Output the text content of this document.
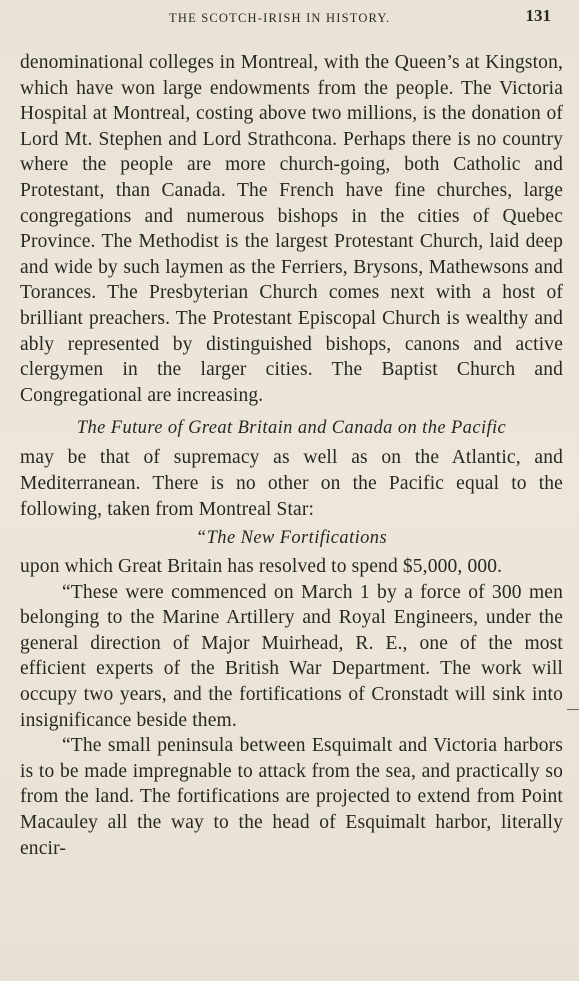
THE SCOTCH-IRISH IN HISTORY.	131

denominational colleges in Montreal, with the Queen’s at Kingston, which have won large endowments from the people. The Victoria Hospital at Montreal, costing above two millions, is the donation of Lord Mt. Stephen and Lord Strathcona. Perhaps there is no country where the people are more church-going, both Catholic and Protestant, than Canada. The French have fine churches, large congregations and numerous bishops in the cities of Quebec Province. The Methodist is the largest Protestant Church, laid deep and wide by such laymen as the Ferriers, Brysons, Mathewsons and Torances. The Presbyterian Church comes next with a host of brilliant preachers. The Protestant Episcopal Church is wealthy and ably represented by distinguished bishops, canons and active clergymen in the larger cities. The Baptist Church and Congregational are increasing.

The Future of Great Britain and Canada on the Pacific

may be that of supremacy as well as on the Atlantic, and Mediterranean. There is no other on the Pacific equal to the following, taken from Montreal Star:

“The New Fortifications

upon which Great Britain has resolved to spend $5,000, 000.

“These were commenced on March 1 by a force of 300 men belonging to the Marine Artillery and Royal Engineers, under the general direction of Major Muirhead, R. E., one of the most efficient experts of the British War Department. The work will occupy two years, and the fortifications of Cronstadt will sink into insignificance beside them.

“The small peninsula between Esquimalt and Victoria harbors is to be made impregnable to attack from the sea, and practically so from the land. The fortifications are projected to extend from Point Macauley all the way to the head of Esquimalt harbor, literally encir-
